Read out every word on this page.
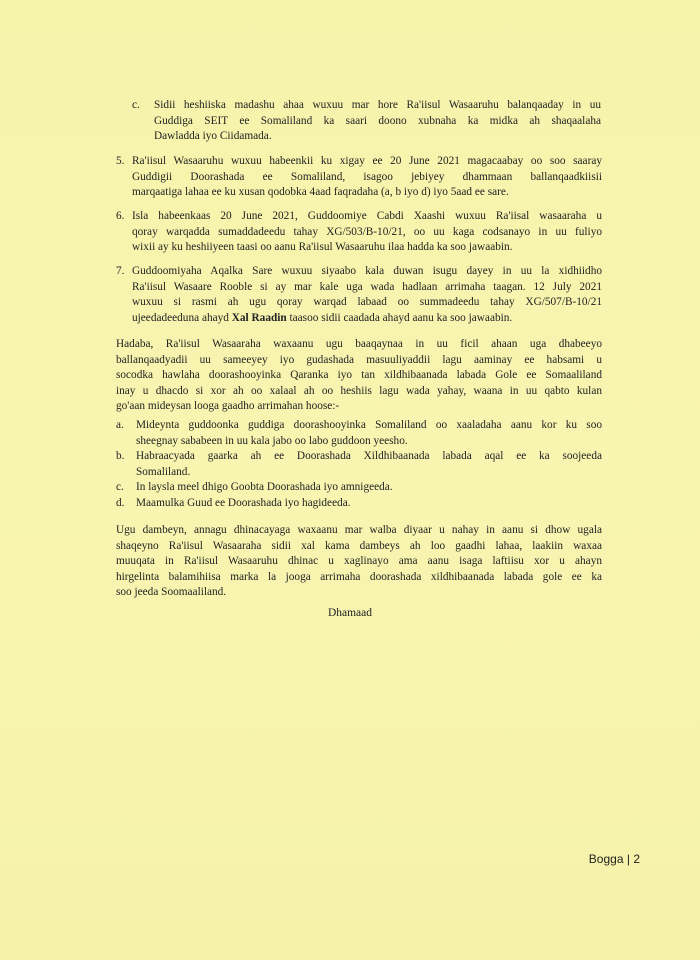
c. Sidii heshiiska madashu ahaa wuxuu mar hore Ra'iisul Wasaaruhu balanqaaday in uu
Guddiga SEIT ee Somaliland ka saari doono xubnaha ka midka ah shaqaalaha
Dawladda iyo Ciidamada.
5. Ra'iisul Wasaaruhu wuxuu habeenkii ku xigay ee 20 June 2021 magacaabay oo soo saaray
Guddigii Doorashada ee Somaliland, isagoo jebiyey dhammaan ballanqaadkiisii
marqaatiga lahaa ee ku xusan qodobka 4aad faqradaha (a, b iyo d) iyo 5aad ee sare.
6. Isla habeenkaas 20 June 2021, Guddoomiye Cabdi Xaashi wuxuu Ra'iisal wasaaraha u
qoray warqadda sumaddadeedu tahay XG/503/B-10/21, oo uu kaga codsanayo in uu fuliyo
wixii ay ku heshiiyeen taasi oo aanu Ra'iisul Wasaaruhu ilaa hadda ka soo jawaabin.
7. Guddoomiyaha Aqalka Sare wuxuu siyaabo kala duwan isugu dayey in uu la xidhiidho
Ra'iisul Wasaare Rooble si ay mar kale uga wada hadlaan arrimaha taagan. 12 July 2021
wuxuu si rasmi ah ugu qoray warqad labaad oo summadeedu tahay XG/507/B-10/21
ujeedadeeduna ahayd Xal Raadin taasoo sidii caadada ahayd aanu ka soo jawaabin.
Hadaba, Ra'iisul Wasaaraha waxaanu ugu baaqaynaa in uu ficil ahaan uga dhabeeyo
ballanqaadyadii uu sameeyey iyo gudashada masuuliyaddii lagu aaminay ee habsami u
socodka hawlaha doorashooyinka Qaranka iyo tan xildhibaanada labada Gole ee Somaaliland
inay u dhacdo si xor ah oo xalaal ah oo heshiis lagu wada yahay, waana in uu qabto kulan
go'aan mideysan looga gaadho arrimahan hoose:-
a. Mideynta guddoonka guddiga doorashooyinka Somaliland oo xaaladaha aanu kor ku soo
sheegnay sababeen in uu kala jabo oo labo guddoon yeesho.
b. Habraacyada gaarka ah ee Doorashada Xildhibaanada labada aqal ee ka soojeeda
Somaliland.
c. In laysla meel dhigo Goobta Doorashada iyo amnigeeda.
d. Maamulka Guud ee Doorashada iyo hagideeda.
Ugu dambeyn, annagu dhinacayaga waxaanu mar walba diyaar u nahay in aanu si dhow ugala
shaqeyno Ra'iisul Wasaaraha sidii xal kama dambeys ah loo gaadhi lahaa, laakiin waxaa
muuqata in Ra'iisul Wasaaruhu dhinac u xaglinayo ama aanu isaga laftiisu xor u ahayn
hirgelinta balamihiisa marka la jooga arrimaha doorashada xildhibaanada labada gole ee ka
soo jeeda Soomaaliland.
Dhamaad
Bogga | 2
